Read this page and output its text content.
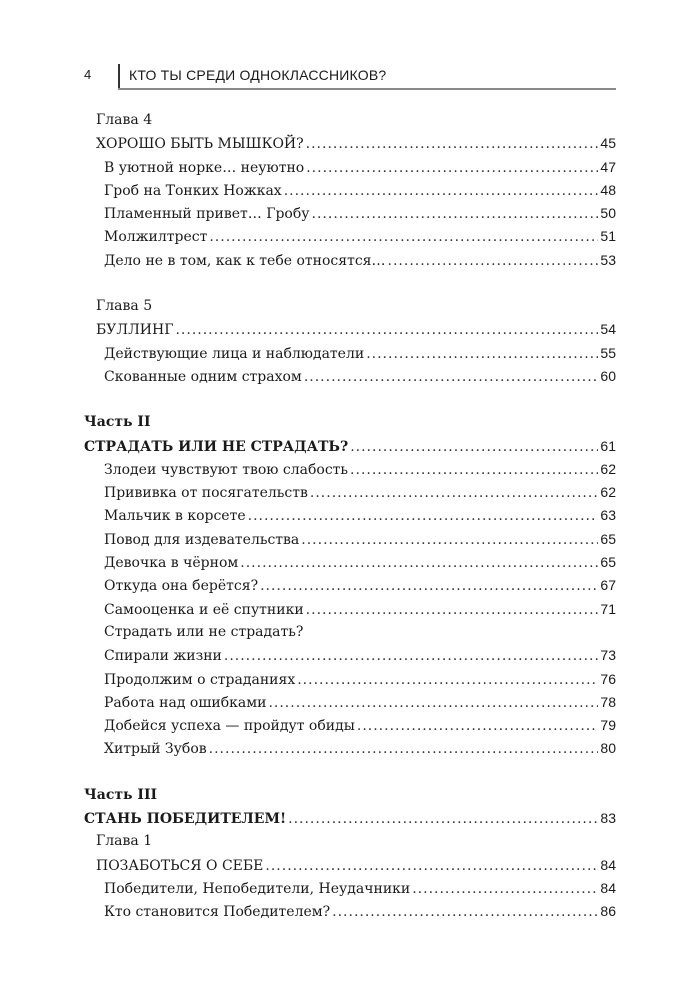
4	КТО ТЫ СРЕДИ ОДНОКЛАССНИКОВ?
Глава 4
ХОРОШО БЫТЬ МЫШКОЙ? .....	45
В уютной норке… неуютно .....	47
Гроб на Тонких Ножках .....	48
Пламенный привет… Гробу .....	50
Молжилтрест .....	51
Дело не в том, как к тебе относятся… .....	53
Глава 5
БУЛЛИНГ .....	54
Действующие лица и наблюдатели .....	55
Скованные одним страхом .....	60
Часть II
СТРАДАТЬ ИЛИ НЕ СТРАДАТЬ? .....	61
Злодеи чувствуют твою слабость .....	62
Прививка от посягательств .....	62
Мальчик в корсете .....	63
Повод для издевательства .....	65
Девочка в чёрном .....	65
Откуда она берётся? .....	67
Самооценка и её спутники .....	71
Страдать или не страдать?
Спирали жизни .....	73
Продолжим о страданиях .....	76
Работа над ошибками .....	78
Добейся успеха — пройдут обиды .....	79
Хитрый Зубов .....	80
Часть III
СТАНЬ ПОБЕДИТЕЛЕМ! .....	83
Глава 1
ПОЗАБОТЬСЯ О СЕБЕ .....	84
Победители, Непобедители, Неудачники .....	84
Кто становится Победителем? .....	86
